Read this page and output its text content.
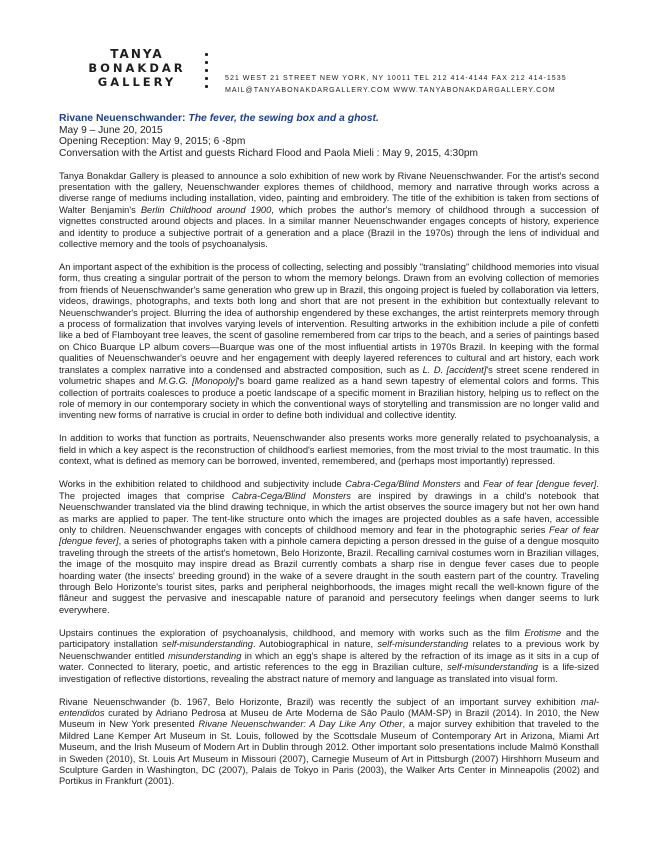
TANYA
BONAKDAR
GALLERY	521 WEST 21 STREET NEW YORK, NY 10011 TEL 212 414-4144 FAX 212 414-1535
MAIL@TANYABONAKDARGALLERY.COM WWW.TANYABONAKDARGALLERY.COM
Rivane Neuenschwander: The fever, the sewing box and a ghost.
May 9 – June 20, 2015
Opening Reception: May 9, 2015; 6 -8pm
Conversation with the Artist and guests Richard Flood and Paola Mieli : May 9, 2015, 4:30pm

Tanya Bonakdar Gallery is pleased to announce a solo exhibition of new work by Rivane Neuenschwander. For the artist's second presentation with the gallery, Neuenschwander explores themes of childhood, memory and narrative through works across a diverse range of mediums including installation, video, painting and embroidery. The title of the exhibition is taken from sections of Walter Benjamin's Berlin Childhood around 1900, which probes the author's memory of childhood through a succession of vignettes constructed around objects and places. In a similar manner Neuenschwander engages concepts of history, experience and identity to produce a subjective portrait of a generation and a place (Brazil in the 1970s) through the lens of individual and collective memory and the tools of psychoanalysis.

An important aspect of the exhibition is the process of collecting, selecting and possibly "translating" childhood memories into visual form, thus creating a singular portrait of the person to whom the memory belongs. Drawn from an evolving collection of memories from friends of Neuenschwander's same generation who grew up in Brazil, this ongoing project is fueled by collaboration via letters, videos, drawings, photographs, and texts both long and short that are not present in the exhibition but contextually relevant to Neuenschwander's project. Blurring the idea of authorship engendered by these exchanges, the artist reinterprets memory through a process of formalization that involves varying levels of intervention. Resulting artworks in the exhibition include a pile of confetti like a bed of Flamboyant tree leaves, the scent of gasoline remembered from car trips to the beach, and a series of paintings based on Chico Buarque LP album covers—Buarque was one of the most influential artists in 1970s Brazil. In keeping with the formal qualities of Neuenschwander's oeuvre and her engagement with deeply layered references to cultural and art history, each work translates a complex narrative into a condensed and abstracted composition, such as L. D. [accident]'s street scene rendered in volumetric shapes and M.G.G. [Monopoly]'s board game realized as a hand sewn tapestry of elemental colors and forms. This collection of portraits coalesces to produce a poetic landscape of a specific moment in Brazilian history, helping us to reflect on the role of memory in our contemporary society in which the conventional ways of storytelling and transmission are no longer valid and inventing new forms of narrative is crucial in order to define both individual and collective identity.

In addition to works that function as portraits, Neuenschwander also presents works more generally related to psychoanalysis, a field in which a key aspect is the reconstruction of childhood's earliest memories, from the most trivial to the most traumatic. In this context, what is defined as memory can be borrowed, invented, remembered, and (perhaps most importantly) repressed.

Works in the exhibition related to childhood and subjectivity include Cabra-Cega/Blind Monsters and Fear of fear [dengue fever]. The projected images that comprise Cabra-Cega/Blind Monsters are inspired by drawings in a child's notebook that Neuenschwander translated via the blind drawing technique, in which the artist observes the source imagery but not her own hand as marks are applied to paper. The tent-like structure onto which the images are projected doubles as a safe haven, accessible only to children. Neuenschwander engages with concepts of childhood memory and fear in the photographic series Fear of fear [dengue fever], a series of photographs taken with a pinhole camera depicting a person dressed in the guise of a dengue mosquito traveling through the streets of the artist's hometown, Belo Horizonte, Brazil. Recalling carnival costumes worn in Brazilian villages, the image of the mosquito may inspire dread as Brazil currently combats a sharp rise in dengue fever cases due to people hoarding water (the insects' breeding ground) in the wake of a severe draught in the south eastern part of the country. Traveling through Belo Horizonte's tourist sites, parks and peripheral neighborhoods, the images might recall the well-known figure of the flâneur and suggest the pervasive and inescapable nature of paranoid and persecutory feelings when danger seems to lurk everywhere.

Upstairs continues the exploration of psychoanalysis, childhood, and memory with works such as the film Erotisme and the participatory installation self-misunderstanding. Autobiographical in nature, self-misunderstanding relates to a previous work by Neuenschwander entitled misunderstanding in which an egg's shape is altered by the refraction of its image as it sits in a cup of water. Connected to literary, poetic, and artistic references to the egg in Brazilian culture, self-misunderstanding is a life-sized investigation of reflective distortions, revealing the abstract nature of memory and language as translated into visual form.

Rivane Neuenschwander (b. 1967, Belo Horizonte, Brazil) was recently the subject of an important survey exhibition mal-entendidos curated by Adriano Pedrosa at Museu de Arte Moderna de São Paulo (MAM-SP) in Brazil (2014). In 2010, the New Museum in New York presented Rivane Neuenschwander: A Day Like Any Other, a major survey exhibition that traveled to the Mildred Lane Kemper Art Museum in St. Louis, followed by the Scottsdale Museum of Contemporary Art in Arizona, Miami Art Museum, and the Irish Museum of Modern Art in Dublin through 2012. Other important solo presentations include Malmö Konsthall in Sweden (2010), St. Louis Art Museum in Missouri (2007), Carnegie Museum of Art in Pittsburgh (2007) Hirshhorn Museum and Sculpture Garden in Washington, DC (2007), Palais de Tokyo in Paris (2003), the Walker Arts Center in Minneapolis (2002) and Portikus in Frankfurt (2001).
